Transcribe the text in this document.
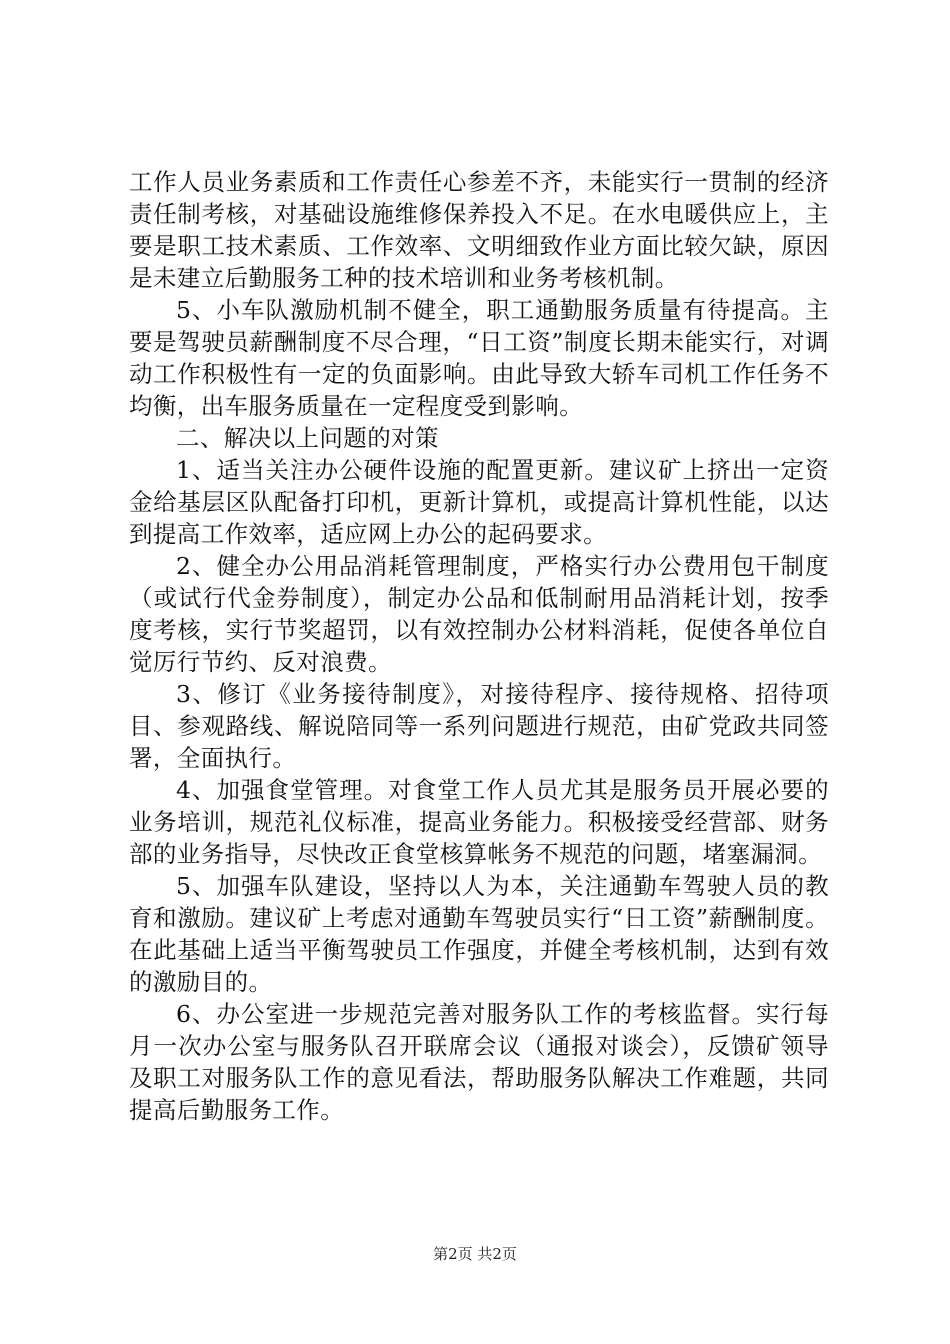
工作人员业务素质和工作责任心参差不齐，未能实行一贯制的经济责任制考核，对基础设施维修保养投入不足。在水电暖供应上，主要是职工技术素质、工作效率、文明细致作业方面比较欠缺，原因是未建立后勤服务工种的技术培训和业务考核机制。

5、小车队激励机制不健全，职工通勤服务质量有待提高。主要是驾驶员薪酬制度不尽合理，“日工资”制度长期未能实行，对调动工作积极性有一定的负面影响。由此导致大轿车司机工作任务不均衡，出车服务质量在一定程度受到影响。

二、解决以上问题的对策

1、适当关注办公硬件设施的配置更新。建议矿上挤出一定资金给基层区队配备打印机，更新计算机，或提高计算机性能，以达到提高工作效率，适应网上办公的起码要求。

2、健全办公用品消耗管理制度，严格实行办公费用包干制度（或试行代金券制度），制定办公品和低制耐用品消耗计划，按季度考核，实行节奖超罚，以有效控制办公材料消耗，促使各单位自觉厉行节约、反对浪费。

3、修订《业务接待制度》，对接待程序、接待规格、招待项目、参观路线、解说陪同等一系列问题进行规范，由矿党政共同签署，全面执行。

4、加强食堂管理。对食堂工作人员尤其是服务员开展必要的业务培训，规范礼仪标准，提高业务能力。积极接受经营部、财务部的业务指导，尽快改正食堂核算帐务不规范的问题，堵塞漏洞。

5、加强车队建设，坚持以人为本，关注通勤车驾驶人员的教育和激励。建议矿上考虑对通勤车驾驶员实行“日工资”薪酬制度。在此基础上适当平衡驾驶员工作强度，并健全考核机制，达到有效的激励目的。

6、办公室进一步规范完善对服务队工作的考核监督。实行每月一次办公室与服务队召开联席会议（通报对谈会），反馈矿领导及职工对服务队工作的意见看法，帮助服务队解决工作难题，共同提高后勤服务工作。

第2页 共2页
